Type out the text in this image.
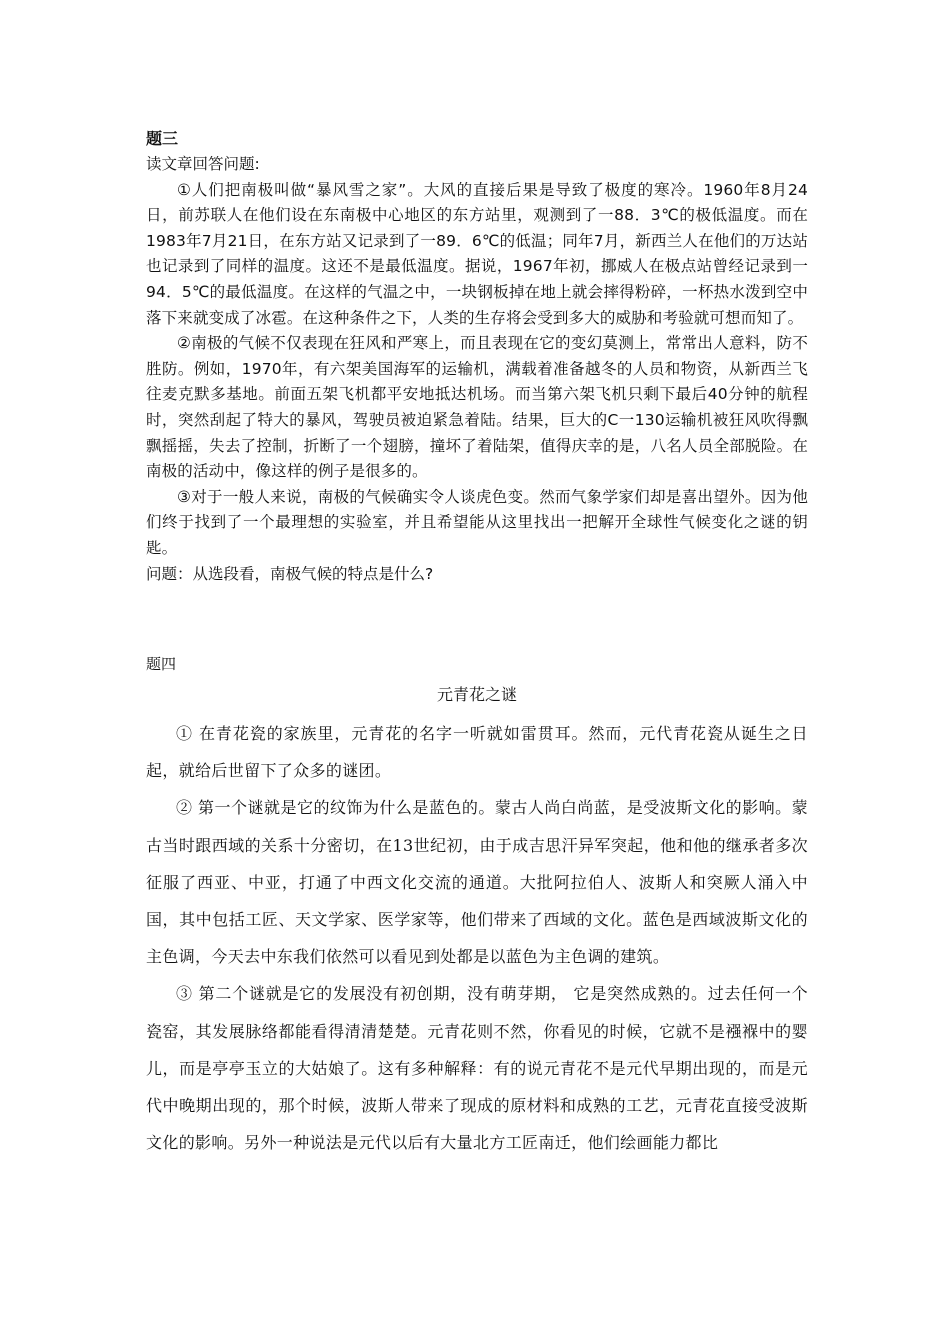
题三
读文章回答问题:

①人们把南极叫做“暴风雪之家”。大风的直接后果是导致了极度的寒冷。1960年8月24日，前苏联人在他们设在东南极中心地区的东方站里，观测到了一88．3℃的极低温度。而在1983年7月21日，在东方站又记录到了一89．6℃的低温；同年7月，新西兰人在他们的万达站也记录到了同样的温度。这还不是最低温度。据说，1967年初，挪威人在极点站曾经记录到一94．5℃的最低温度。在这样的气温之中，一块钢板掉在地上就会摔得粉碎，一杯热水泼到空中落下来就变成了冰雹。在这种条件之下，人类的生存将会受到多大的威胁和考验就可想而知了。

②南极的气候不仅表现在狂风和严寒上，而且表现在它的变幻莫测上，常常出人意料，防不胜防。例如，1970年，有六架美国海军的运输机，满载着准备越冬的人员和物资，从新西兰飞往麦克默多基地。前面五架飞机都平安地抵达机场。而当第六架飞机只剩下最后40分钟的航程时，突然刮起了特大的暴风，驾驶员被迫紧急着陆。结果，巨大的C一130运输机被狂风吹得飘飘摇摇，失去了控制，折断了一个翅膀，撞坏了着陆架，值得庆幸的是，八名人员全部脱险。在南极的活动中，像这样的例子是很多的。

③对于一般人来说，南极的气候确实令人谈虎色变。然而气象学家们却是喜出望外。因为他们终于找到了一个最理想的实验室，并且希望能从这里找出一把解开全球性气候变化之谜的钥匙。

问题：从选段看，南极气候的特点是什么?
题四
元青花之谜

① 在青花瓷的家族里，元青花的名字一听就如雷贯耳。然而，元代青花瓷从诞生之日起，就给后世留下了众多的谜团。

② 第一个谜就是它的纹饰为什么是蓝色的。蒙古人尚白尚蓝，是受波斯文化的影响。蒙古当时跟西域的关系十分密切，在13世纪初，由于成吉思汗异军突起，他和他的继承者多次征服了西亚、中亚，打通了中西文化交流的通道。大批阿拉伯人、波斯人和突厥人涌入中国，其中包括工匠、天文学家、医学家等，他们带来了西域的文化。蓝色是西域波斯文化的主色调，今天去中东我们依然可以看见到处都是以蓝色为主色调的建筑。

③ 第二个谜就是它的发展没有初创期，没有萌芽期， 它是突然成熟的。过去任何一个瓷窑，其发展脉络都能看得清清楚楚。元青花则不然，你看见的时候，它就不是襁褓中的婴儿，而是亭亭玉立的大姑娘了。这有多种解释：有的说元青花不是元代早期出现的，而是元代中晚期出现的，那个时候，波斯人带来了现成的原材料和成熟的工艺，元青花直接受波斯文化的影响。另外一种说法是元代以后有大量北方工匠南迁，他们绘画能力都比
